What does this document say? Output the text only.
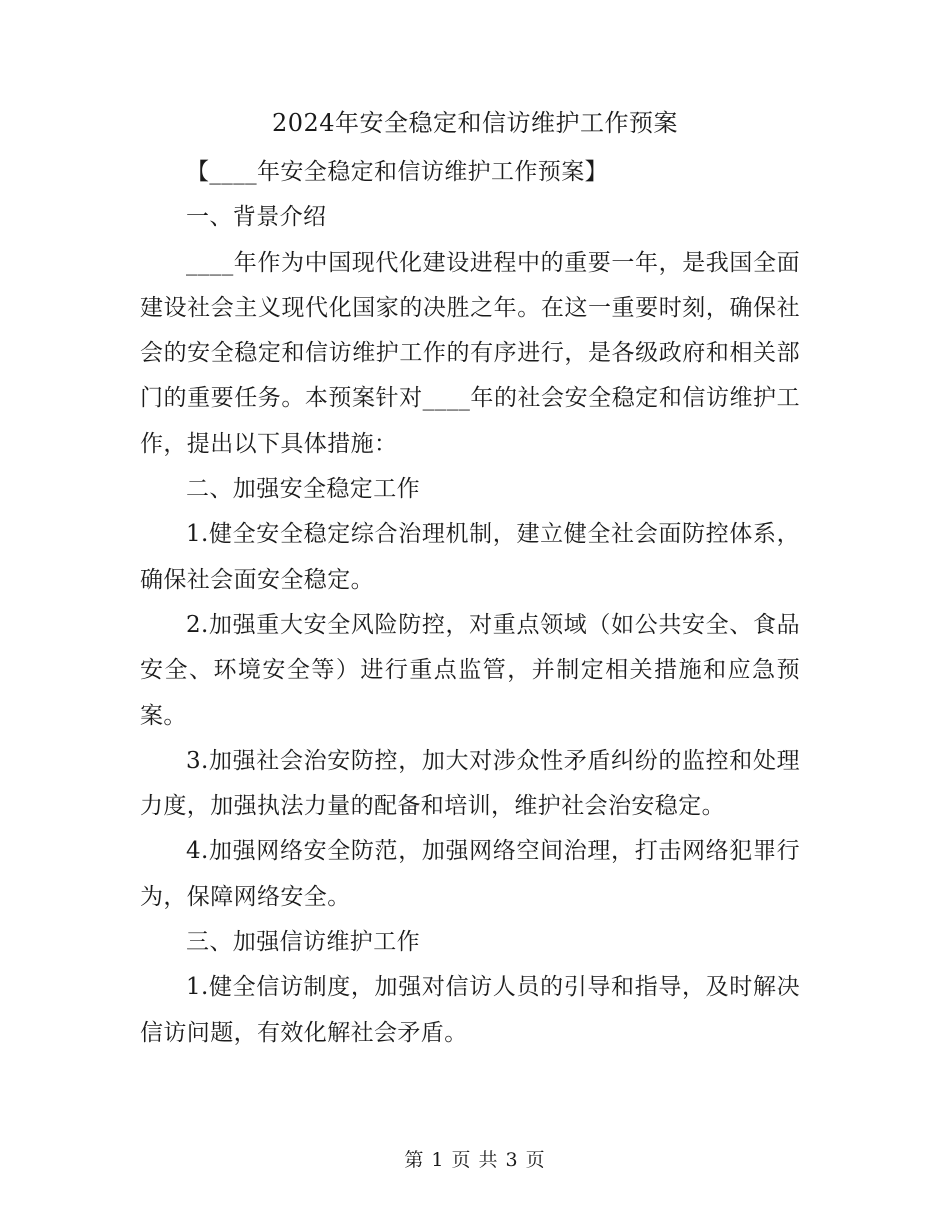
2024年安全稳定和信访维护工作预案

【____年安全稳定和信访维护工作预案】

一、背景介绍

____年作为中国现代化建设进程中的重要一年，是我国全面建设社会主义现代化国家的决胜之年。在这一重要时刻，确保社会的安全稳定和信访维护工作的有序进行，是各级政府和相关部门的重要任务。本预案针对____年的社会安全稳定和信访维护工作，提出以下具体措施：

二、加强安全稳定工作

1.健全安全稳定综合治理机制，建立健全社会面防控体系，确保社会面安全稳定。

2.加强重大安全风险防控，对重点领域（如公共安全、食品安全、环境安全等）进行重点监管，并制定相关措施和应急预案。

3.加强社会治安防控，加大对涉众性矛盾纠纷的监控和处理力度，加强执法力量的配备和培训，维护社会治安稳定。

4.加强网络安全防范，加强网络空间治理，打击网络犯罪行为，保障网络安全。

三、加强信访维护工作

1.健全信访制度，加强对信访人员的引导和指导，及时解决信访问题，有效化解社会矛盾。

第 1 页 共 3 页
